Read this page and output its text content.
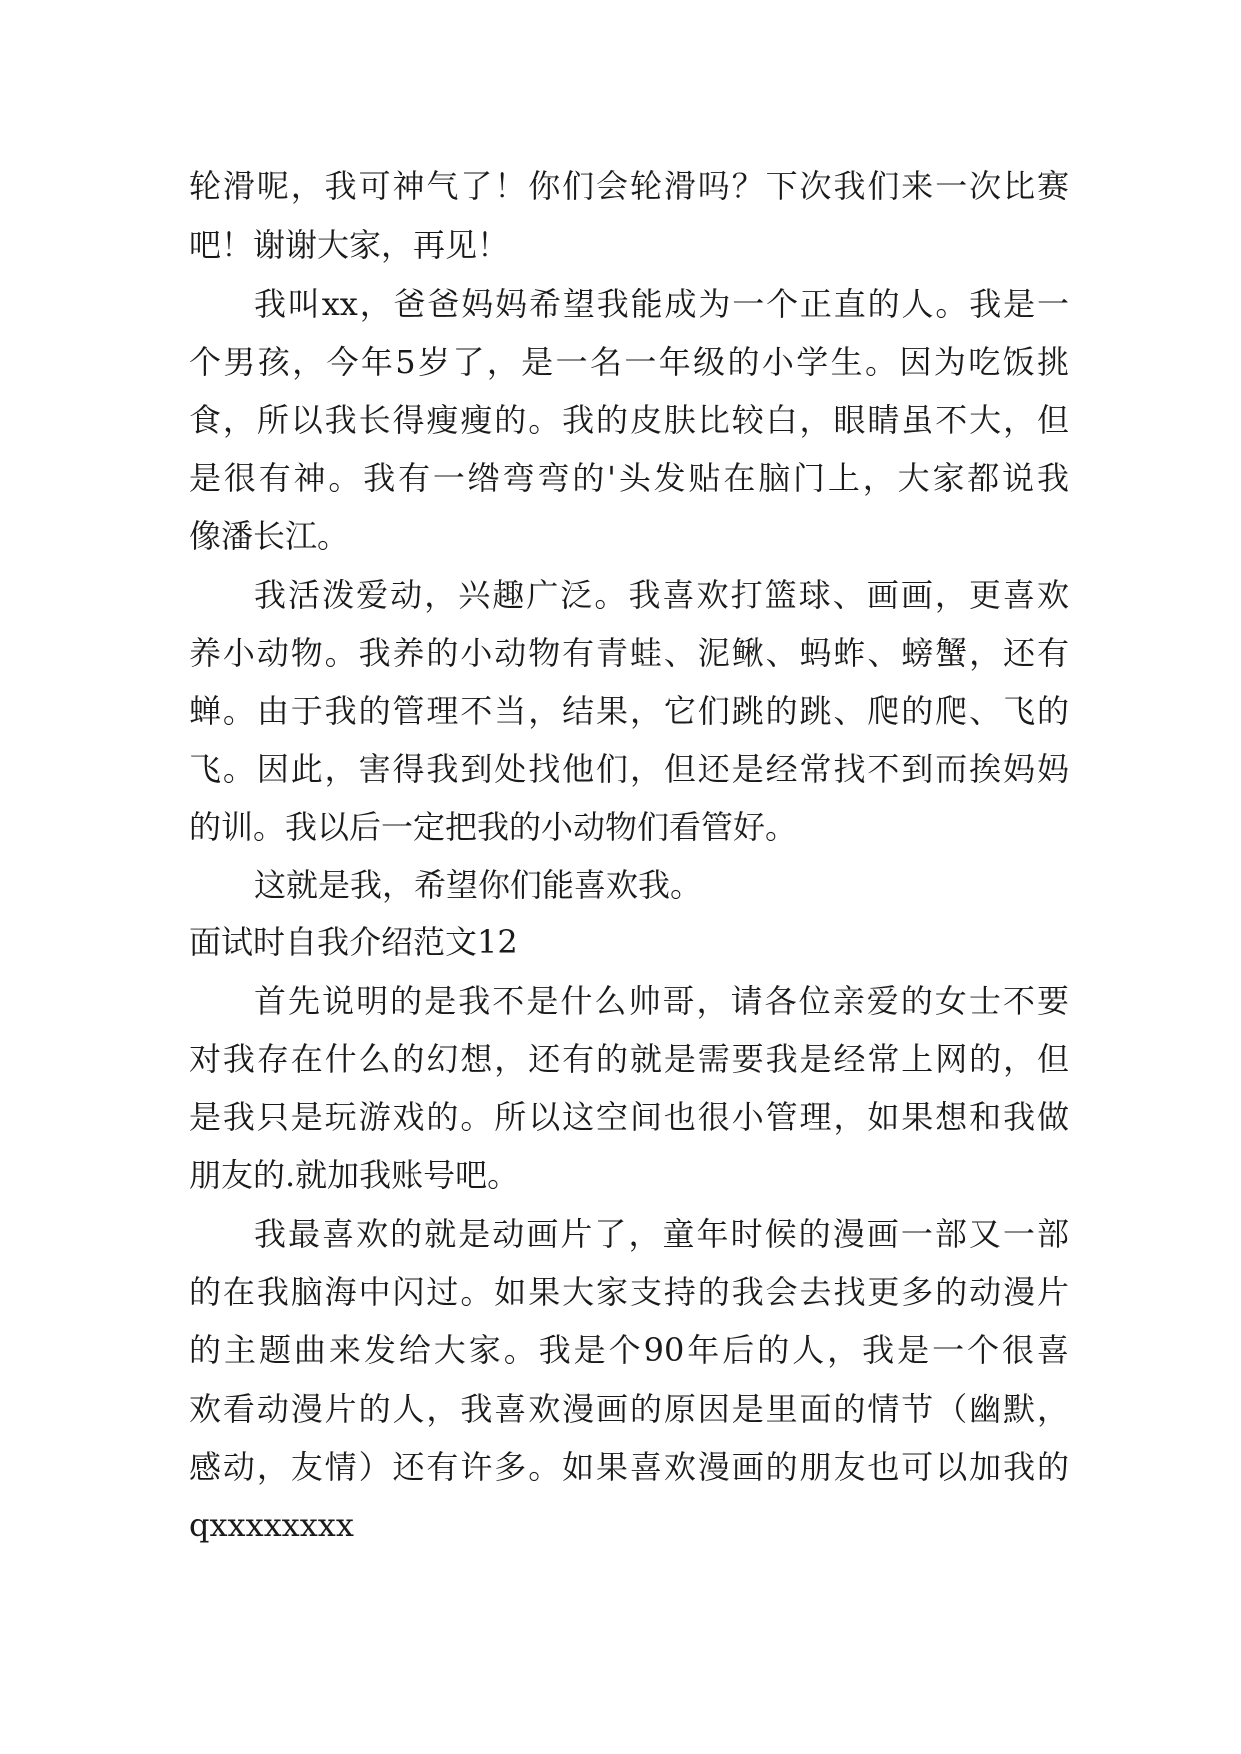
轮滑呢，我可神气了！你们会轮滑吗？下次我们来一次比赛
吧！谢谢大家，再见！
我叫xx，爸爸妈妈希望我能成为一个正直的人。我是一
个男孩，今年5岁了，是一名一年级的小学生。因为吃饭挑
食，所以我长得瘦瘦的。我的皮肤比较白，眼睛虽不大，但
是很有神。我有一绺弯弯的'头发贴在脑门上，大家都说我
像潘长江。
我活泼爱动，兴趣广泛。我喜欢打篮球、画画，更喜欢
养小动物。我养的小动物有青蛙、泥鳅、蚂蚱、螃蟹，还有
蝉。由于我的管理不当，结果，它们跳的跳、爬的爬、飞的
飞。因此，害得我到处找他们，但还是经常找不到而挨妈妈
的训。我以后一定把我的小动物们看管好。
这就是我，希望你们能喜欢我。
面试时自我介绍范文12
首先说明的是我不是什么帅哥，请各位亲爱的女士不要
对我存在什么的幻想，还有的就是需要我是经常上网的，但
是我只是玩游戏的。所以这空间也很小管理，如果想和我做
朋友的.就加我账号吧。
我最喜欢的就是动画片了，童年时候的漫画一部又一部
的在我脑海中闪过。如果大家支持的我会去找更多的动漫片
的主题曲来发给大家。我是个90年后的人，我是一个很喜
欢看动漫片的人，我喜欢漫画的原因是里面的情节（幽默，
感动，友情）还有许多。如果喜欢漫画的朋友也可以加我的
qxxxxxxxx
